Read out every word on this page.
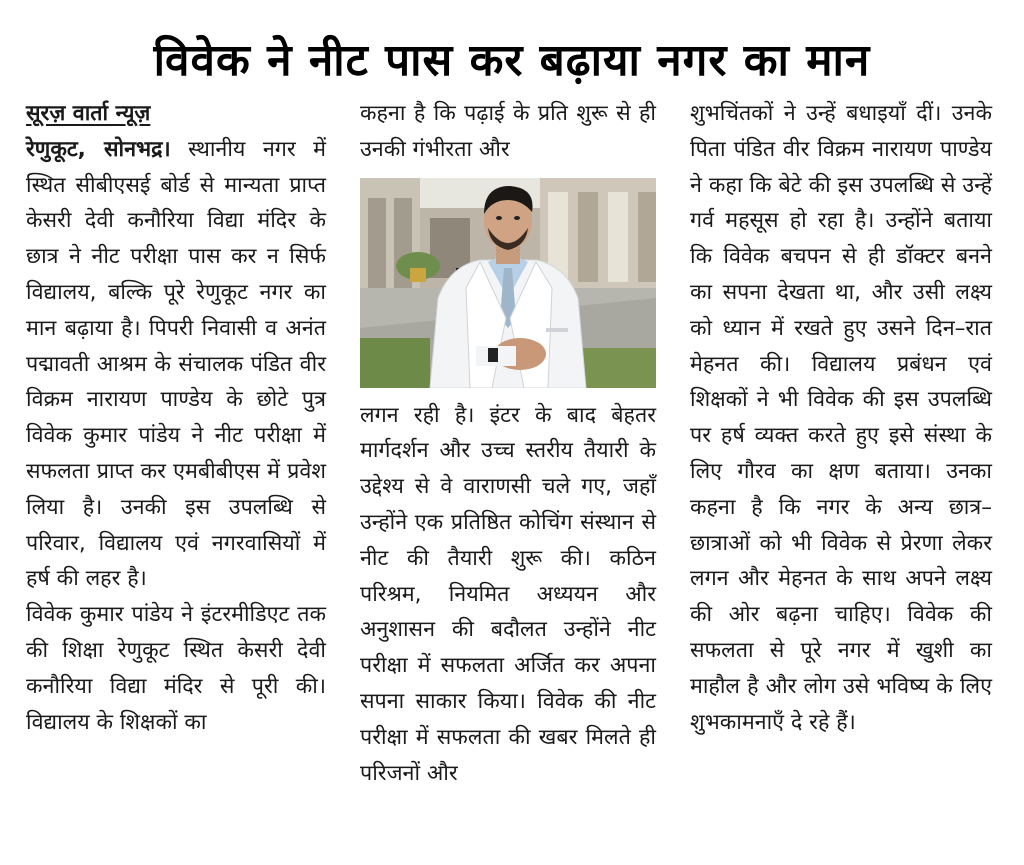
विवेक ने नीट पास कर बढ़ाया नगर का मान
सूरज़ वार्ता न्यूज़

रेणुकूट, सोनभद्र। स्थानीय नगर में स्थित सीबीएसई बोर्ड से मान्यता प्राप्त केसरी देवी कनौरिया विद्या मंदिर के छात्र ने नीट परीक्षा पास कर न सिर्फ विद्यालय, बल्कि पूरे रेणुकूट नगर का मान बढ़ाया है। पिपरी निवासी व अनंत पद्मावती आश्रम के संचालक पंडित वीर विक्रम नारायण पाण्डेय के छोटे पुत्र विवेक कुमार पांडेय ने नीट परीक्षा में सफलता प्राप्त कर एमबीबीएस में प्रवेश लिया है। उनकी इस उपलब्धि से परिवार, विद्यालय एवं नगरवासियों में हर्ष की लहर है।

विवेक कुमार पांडेय ने इंटरमीडिएट तक की शिक्षा रेणुकूट स्थित केसरी देवी कनौरिया विद्या मंदिर से पूरी की। विद्यालय के शिक्षकों का

कहना है कि पढ़ाई के प्रति शुरू से ही उनकी गंभीरता और

लगन रही है। इंटर के बाद बेहतर मार्गदर्शन और उच्च स्तरीय तैयारी के उद्देश्य से वे वाराणसी चले गए, जहाँ उन्होंने एक प्रतिष्ठित कोचिंग संस्थान से नीट की तैयारी शुरू की। कठिन परिश्रम, नियमित अध्ययन और अनुशासन की बदौलत उन्होंने नीट परीक्षा में सफलता अर्जित कर अपना सपना साकार किया। विवेक की नीट परीक्षा में सफलता की खबर मिलते ही परिजनों और

शुभचिंतकों ने उन्हें बधाइयाँ दीं। उनके पिता पंडित वीर विक्रम नारायण पाण्डेय ने कहा कि बेटे की इस उपलब्धि से उन्हें गर्व महसूस हो रहा है। उन्होंने बताया कि विवेक बचपन से ही डॉक्टर बनने का सपना देखता था, और उसी लक्ष्य को ध्यान में रखते हुए उसने दिन–रात मेहनत की। विद्यालय प्रबंधन एवं शिक्षकों ने भी विवेक की इस उपलब्धि पर हर्ष व्यक्त करते हुए इसे संस्था के लिए गौरव का क्षण बताया। उनका कहना है कि नगर के अन्य छात्र–छात्राओं को भी विवेक से प्रेरणा लेकर लगन और मेहनत के साथ अपने लक्ष्य की ओर बढ़ना चाहिए। विवेक की सफलता से पूरे नगर में खुशी का माहौल है और लोग उसे भविष्य के लिए शुभकामनाएँ दे रहे हैं।
